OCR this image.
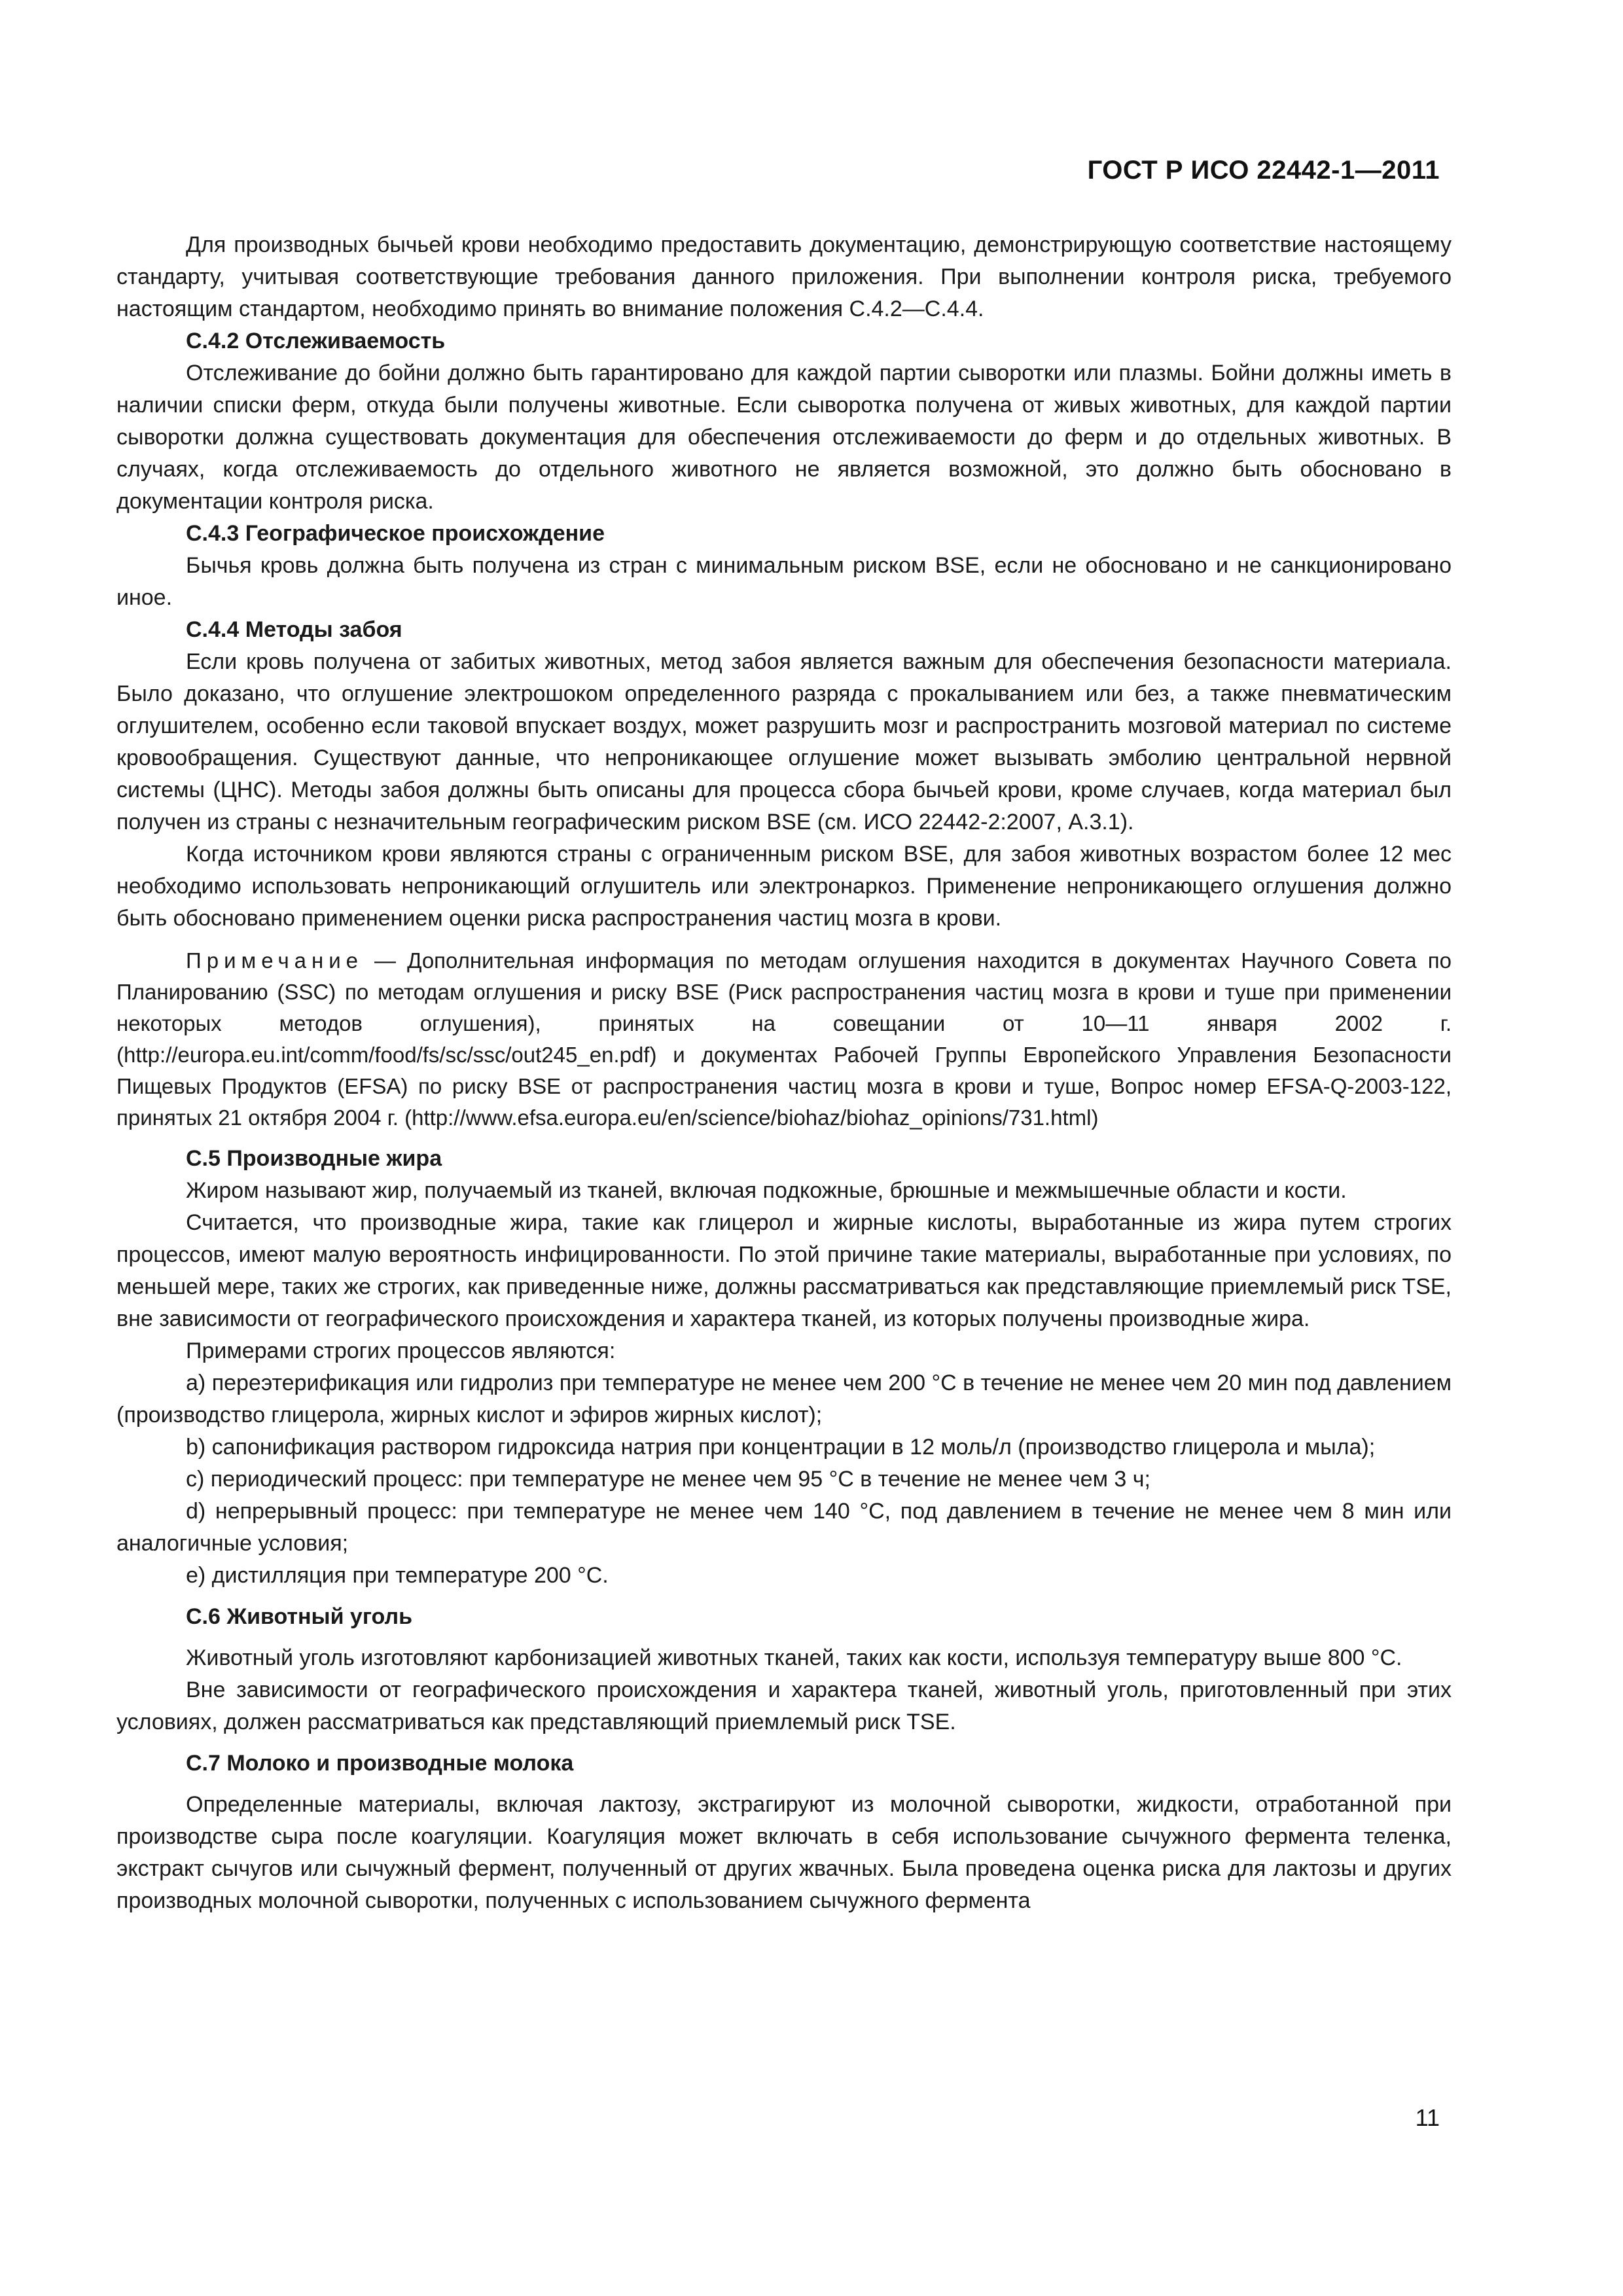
ГОСТ Р ИСО 22442-1—2011

Для производных бычьей крови необходимо предоставить документацию, демонстрирующую соответствие настоящему стандарту, учитывая соответствующие требования данного приложения. При выполнении контроля риска, требуемого настоящим стандартом, необходимо принять во внимание положения С.4.2—С.4.4.

С.4.2 Отслеживаемость

Отслеживание до бойни должно быть гарантировано для каждой партии сыворотки или плазмы. Бойни должны иметь в наличии списки ферм, откуда были получены животные. Если сыворотка получена от живых животных, для каждой партии сыворотки должна существовать документация для обеспечения отслеживаемости до ферм и до отдельных животных. В случаях, когда отслеживаемость до отдельного животного не является возможной, это должно быть обосновано в документации контроля риска.

С.4.3 Географическое происхождение

Бычья кровь должна быть получена из стран с минимальным риском BSE, если не обосновано и не санкционировано иное.

С.4.4 Методы забоя

Если кровь получена от забитых животных, метод забоя является важным для обеспечения безопасности материала. Было доказано, что оглушение электрошоком определенного разряда с прокалыванием или без, а также пневматическим оглушителем, особенно если таковой впускает воздух, может разрушить мозг и распространить мозговой материал по системе кровообращения. Существуют данные, что непроникающее оглушение может вызывать эмболию центральной нервной системы (ЦНС). Методы забоя должны быть описаны для процесса сбора бычьей крови, кроме случаев, когда материал был получен из страны с незначительным географическим риском BSE (см. ИСО 22442-2:2007, А.3.1).

Когда источником крови являются страны с ограниченным риском BSE, для забоя животных возрастом более 12 мес необходимо использовать непроникающий оглушитель или электронаркоз. Применение непроникающего оглушения должно быть обосновано применением оценки риска распространения частиц мозга в крови.

Примечание — Дополнительная информация по методам оглушения находится в документах Научного Совета по Планированию (SSC) по методам оглушения и риску BSE (Риск распространения частиц мозга в крови и туше при применении некоторых методов оглушения), принятых на совещании от 10—11 января 2002 г. (http://europa.eu.int/comm/food/fs/sc/ssc/out245_en.pdf) и документах Рабочей Группы Европейского Управления Безопасности Пищевых Продуктов (EFSA) по риску BSE от распространения частиц мозга в крови и туше, Вопрос номер EFSA-Q-2003-122, принятых 21 октября 2004 г. (http://www.efsa.europa.eu/en/science/biohaz/biohaz_opinions/731.html)

С.5 Производные жира

Жиром называют жир, получаемый из тканей, включая подкожные, брюшные и межмышечные области и кости.

Считается, что производные жира, такие как глицерол и жирные кислоты, выработанные из жира путем строгих процессов, имеют малую вероятность инфицированности. По этой причине такие материалы, выработанные при условиях, по меньшей мере, таких же строгих, как приведенные ниже, должны рассматриваться как представляющие приемлемый риск TSE, вне зависимости от географического происхождения и характера тканей, из которых получены производные жира.

Примерами строгих процессов являются:

а) переэтерификация или гидролиз при температуре не менее чем 200 °С в течение не менее чем 20 мин под давлением (производство глицерола, жирных кислот и эфиров жирных кислот);

b) сапонификация раствором гидроксида натрия при концентрации в 12 моль/л (производство глицерола и мыла);

c) периодический процесс: при температуре не менее чем 95 °С в течение не менее чем 3 ч;

d) непрерывный процесс: при температуре не менее чем 140 °С, под давлением в течение не менее чем 8 мин или аналогичные условия;

е) дистилляция при температуре 200 °С.

С.6 Животный уголь

Животный уголь изготовляют карбонизацией животных тканей, таких как кости, используя температуру выше 800 °С.

Вне зависимости от географического происхождения и характера тканей, животный уголь, приготовленный при этих условиях, должен рассматриваться как представляющий приемлемый риск TSE.

С.7 Молоко и производные молока

Определенные материалы, включая лактозу, экстрагируют из молочной сыворотки, жидкости, отработанной при производстве сыра после коагуляции. Коагуляция может включать в себя использование сычужного фермента теленка, экстракт сычугов или сычужный фермент, полученный от других жвачных. Была проведена оценка риска для лактозы и других производных молочной сыворотки, полученных с использованием сычужного фермента

11
